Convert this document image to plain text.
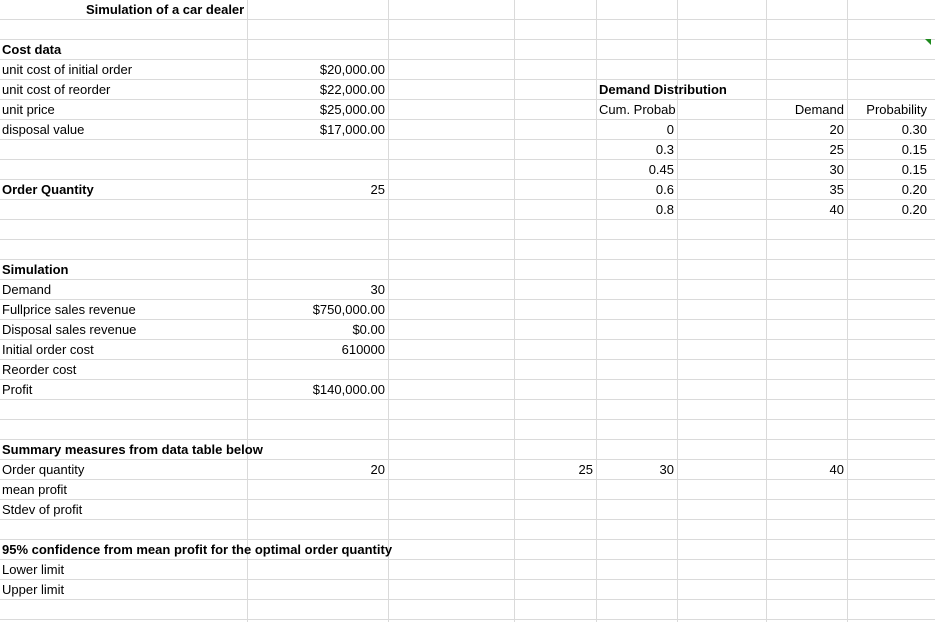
Simulation of a car dealer
Cost data
unit cost of initial order	$20,000.00
unit cost of reorder	$22,000.00
unit price	$25,000.00
disposal value	$17,000.00
Order Quantity	25
Demand Distribution
Cum. Probab	Demand	Probability
0	20	0.30
0.3	25	0.15
0.45	30	0.15
0.6	35	0.20
0.8	40	0.20
Simulation
Demand	30
Fullprice sales revenue	$750,000.00
Disposal sales revenue	$0.00
Initial order cost	610000
Reorder cost
Profit	$140,000.00
Summary measures from data table below
Order quantity	20	25	30	40
mean profit
Stdev of profit
95% confidence from mean profit for the optimal order quantity
Lower limit
Upper limit
